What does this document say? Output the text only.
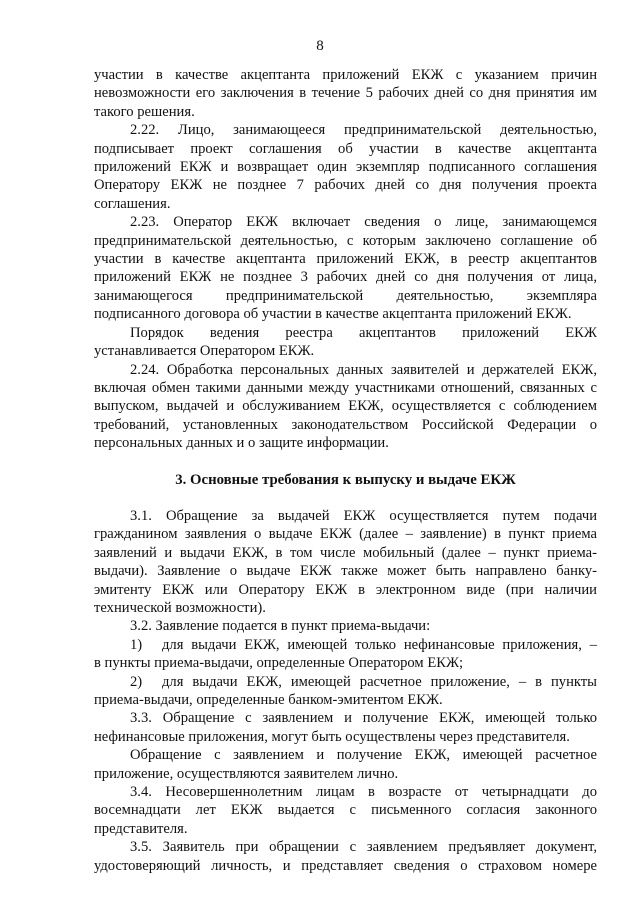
8

участии в качестве акцептанта приложений ЕКЖ с указанием причин

невозможности его заключения в течение 5 рабочих дней со дня принятия им

такого решения.

2.22. Лицо, занимающееся предпринимательской деятельностью,

подписывает проект соглашения об участии в качестве акцептанта

приложений ЕКЖ и возвращает один экземпляр подписанного соглашения

Оператору ЕКЖ не позднее 7 рабочих дней со дня получения проекта

соглашения.

2.23. Оператор ЕКЖ включает сведения о лице, занимающемся

предпринимательской деятельностью, с которым заключено соглашение об

участии в качестве акцептанта приложений ЕКЖ, в реестр акцептантов

приложений ЕКЖ не позднее 3 рабочих дней со дня получения от лица,

занимающегося предпринимательской деятельностью, экземпляра

подписанного договора об участии в качестве акцептанта приложений ЕКЖ.

Порядок ведения реестра акцептантов приложений ЕКЖ

устанавливается Оператором ЕКЖ.

2.24. Обработка персональных данных заявителей и держателей ЕКЖ,

включая обмен такими данными между участниками отношений, связанных с

выпуском, выдачей и обслуживанием ЕКЖ, осуществляется с соблюдением

требований, установленных законодательством Российской Федерации о

персональных данных и о защите информации.

3. Основные требования к выпуску и выдаче ЕКЖ

3.1. Обращение за выдачей ЕКЖ осуществляется путем подачи

гражданином заявления о выдаче ЕКЖ (далее – заявление) в пункт приема

заявлений и выдачи ЕКЖ, в том числе мобильный (далее – пункт приема-

выдачи). Заявление о выдаче ЕКЖ также может быть направлено банку-

эмитенту ЕКЖ или Оператору ЕКЖ в электронном виде (при наличии

технической возможности).

3.2. Заявление подается в пункт приема-выдачи:

1)	для выдачи ЕКЖ, имеющей только нефинансовые приложения, –

в пункты приема-выдачи, определенные Оператором ЕКЖ;

2)	для выдачи ЕКЖ, имеющей расчетное приложение, – в пункты

приема-выдачи, определенные банком-эмитентом ЕКЖ.

3.3. Обращение с заявлением и получение ЕКЖ, имеющей только

нефинансовые приложения, могут быть осуществлены через представителя.

Обращение с заявлением и получение ЕКЖ, имеющей расчетное

приложение, осуществляются заявителем лично.

3.4. Несовершеннолетним лицам в возрасте от четырнадцати до

восемнадцати лет ЕКЖ выдается с письменного согласия законного

представителя.

3.5. Заявитель при обращении с заявлением предъявляет документ,

удостоверяющий личность, и представляет сведения о страховом номере
